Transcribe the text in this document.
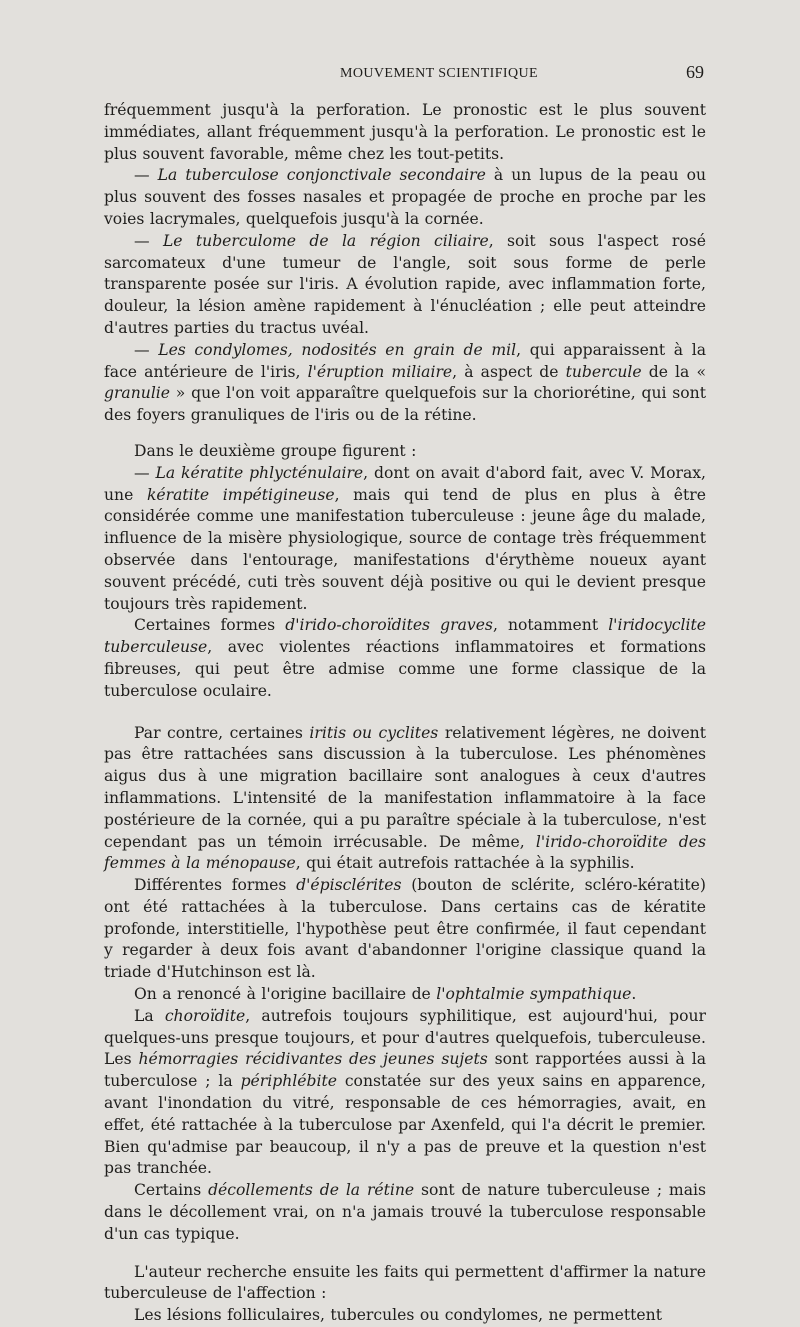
MOUVEMENT SCIENTIFIQUE	69

fréquemment jusqu'à la perforation. Le pronostic est le plus souvent immédiates, allant fréquemment jusqu'à la perforation. Le pronostic est le plus souvent favorable, même chez les tout-petits.

— La tuberculose conjonctivale secondaire à un lupus de la peau ou plus souvent des fosses nasales et propagée de proche en proche par les voies lacrymales, quelquefois jusqu'à la cornée.

— Le tuberculome de la région ciliaire, soit sous l'aspect rosé sarcomateux d'une tumeur de l'angle, soit sous forme de perle transparente posée sur l'iris. A évolution rapide, avec inflammation forte, douleur, la lésion amène rapidement à l'énucléation ; elle peut atteindre d'autres parties du tractus uvéal.

— Les condylomes, nodosités en grain de mil, qui apparaissent à la face antérieure de l'iris, l'éruption miliaire, à aspect de tubercule de la « granulie » que l'on voit apparaître quelquefois sur la choriorétine, qui sont des foyers granuliques de l'iris ou de la rétine.

Dans le deuxième groupe figurent :

— La kératite phlycténulaire, dont on avait d'abord fait, avec V. Morax, une kératite impétigineuse, mais qui tend de plus en plus à être considérée comme une manifestation tuberculeuse : jeune âge du malade, influence de la misère physiologique, source de contage très fréquemment observée dans l'entourage, manifestations d'érythème noueux ayant souvent précédé, cuti très souvent déjà positive ou qui le devient presque toujours très rapidement.

Certaines formes d'irido-choroïdites graves, notamment l'iridocyclite tuberculeuse, avec violentes réactions inflammatoires et formations fibreuses, qui peut être admise comme une forme classique de la tuberculose oculaire.

Par contre, certaines iritis ou cyclites relativement légères, ne doivent pas être rattachées sans discussion à la tuberculose. Les phénomènes aigus dus à une migration bacillaire sont analogues à ceux d'autres inflammations. L'intensité de la manifestation inflammatoire à la face postérieure de la cornée, qui a pu paraître spéciale à la tuberculose, n'est cependant pas un témoin irrécusable. De même, l'irido-choroïdite des femmes à la ménopause, qui était autrefois rattachée à la syphilis.

Différentes formes d'épisclérites (bouton de sclérite, scléro-kératite) ont été rattachées à la tuberculose. Dans certains cas de kératite profonde, interstitielle, l'hypothèse peut être confirmée, il faut cependant y regarder à deux fois avant d'abandonner l'origine classique quand la triade d'Hutchinson est là.

On a renoncé à l'origine bacillaire de l'ophtalmie sympathique.

La choroïdite, autrefois toujours syphilitique, est aujourd'hui, pour quelques-uns presque toujours, et pour d'autres quelquefois, tuberculeuse. Les hémorragies récidivantes des jeunes sujets sont rapportées aussi à la tuberculose ; la périphlébite constatée sur des yeux sains en apparence, avant l'inondation du vitré, responsable de ces hémorragies, avait, en effet, été rattachée à la tuberculose par Axenfeld, qui l'a décrit le premier. Bien qu'admise par beaucoup, il n'y a pas de preuve et la question n'est pas tranchée.

Certains décollements de la rétine sont de nature tuberculeuse ; mais dans le décollement vrai, on n'a jamais trouvé la tuberculose responsable d'un cas typique.

L'auteur recherche ensuite les faits qui permettent d'affirmer la nature tuberculeuse de l'affection :

Les lésions folliculaires, tubercules ou condylomes, ne permettent
